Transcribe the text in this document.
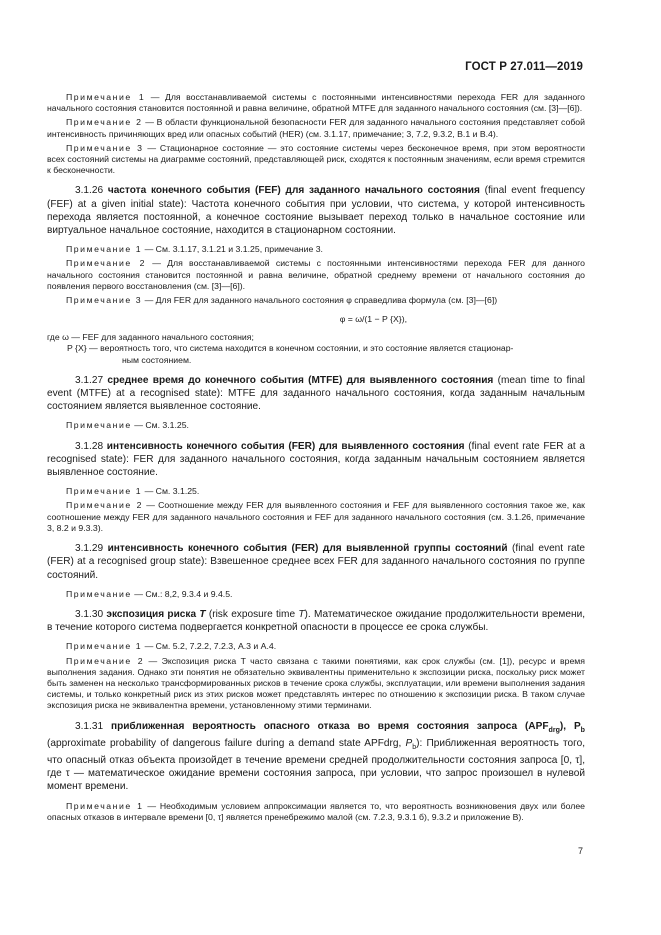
ГОСТ Р 27.011—2019

Примечание 1 — Для восстанавливаемой системы с постоянными интенсивностями перехода FER для заданного начального состояния становится постоянной и равна величине, обратной MTFE для заданного начального состояния (см. [3]—[6]).

Примечание 2 — В области функциональной безопасности FER для заданного начального состояния представляет собой интенсивность причиняющих вред или опасных событий (HER) (см. 3.1.17, примечание; 3, 7.2, 9.3.2, В.1 и В.4).

Примечание 3 — Стационарное состояние — это состояние системы через бесконечное время, при этом вероятности всех состояний системы на диаграмме состояний, представляющей риск, сходятся к постоянным значениям, если время стремится к бесконечности.

3.1.26 частота конечного события (FEF) для заданного начального состояния (final event frequency (FEF) at a given initial state): Частота конечного события при условии, что система, у которой интенсивность перехода является постоянной, а конечное состояние вызывает переход только в начальное состояние или виртуальное начальное состояние, находится в стационарном состоянии.

Примечание 1 — См. 3.1.17, 3.1.21 и 3.1.25, примечание 3.

Примечание 2 — Для восстанавливаемой системы с постоянными интенсивностями перехода FER для данного начального состояния становится постоянной и равна величине, обратной среднему времени от начального состояния до появления первого восстановления (см. [3]—[6]).

Примечание 3 — Для FER для заданного начального состояния φ справедлива формула (см. [3]—[6])

φ = ω/(1 − P {X}),

где ω — FEF для заданного начального состояния;

P {X} — вероятность того, что система находится в конечном состоянии, и это состояние является стационар-
ным состоянием.

3.1.27 среднее время до конечного события (MTFE) для выявленного состояния (mean time to final event (MTFE) at a recognised state): MTFE для заданного начального состояния, когда заданным начальным состоянием является выявленное состояние.

Примечание — См. 3.1.25.

3.1.28 интенсивность конечного события (FER) для выявленного состояния (final event rate FER at a recognised state): FER для заданного начального состояния, когда заданным начальным состоянием является выявленное состояние.

Примечание 1 — См. 3.1.25.

Примечание 2 — Соотношение между FER для выявленного состояния и FEF для выявленного состояния такое же, как соотношение между FER для заданного начального состояния и FEF для заданного начального состояния (см. 3.1.26, примечание 3, 8.2 и 9.3.3).

3.1.29 интенсивность конечного события (FER) для выявленной группы состояний (final event rate (FER) at a recognised group state): Взвешенное среднее всех FER для заданного начального состояния по группе состояний.

Примечание — См.: 8,2, 9.3.4 и 9.4.5.

3.1.30 экспозиция риска T (risk exposure time T). Математическое ожидание продолжительности времени, в течение которого система подвергается конкретной опасности в процессе ее срока службы.

Примечание 1 — См. 5.2, 7.2.2, 7.2.3, А.3 и А.4.

Примечание 2 — Экспозиция риска T часто связана с такими понятиями, как срок службы (см. [1]), ресурс и время выполнения задания. Однако эти понятия не обязательно эквивалентны применительно к экспозиции риска, поскольку риск может быть заменен на несколько трансформированных рисков в течение срока службы, эксплуатации, или времени выполнения задания системы, и только конкретный риск из этих рисков может представлять интерес по отношению к экспозиции риска. В таком случае экспозиция риска не эквивалентна времени, установленному этими терминами.

3.1.31 приближенная вероятность опасного отказа во время состояния запроса $(APF_{drg})$, $P_b$ (approximate probability of dangerous failure during a demand state APFdrg, $P_b$): Приближенная вероятность того, что опасный отказ объекта произойдет в течение времени средней продолжительности состояния запроса [0, τ], где τ — математическое ожидание времени состояния запроса, при условии, что запрос произошел в нулевой момент времени.

Примечание 1 — Необходимым условием аппроксимации является то, что вероятность возникновения двух или более опасных отказов в интервале времени [0, τ] является пренебрежимо малой (см. 7.2.3, 9.3.1 б), 9.3.2 и приложение В).

7
